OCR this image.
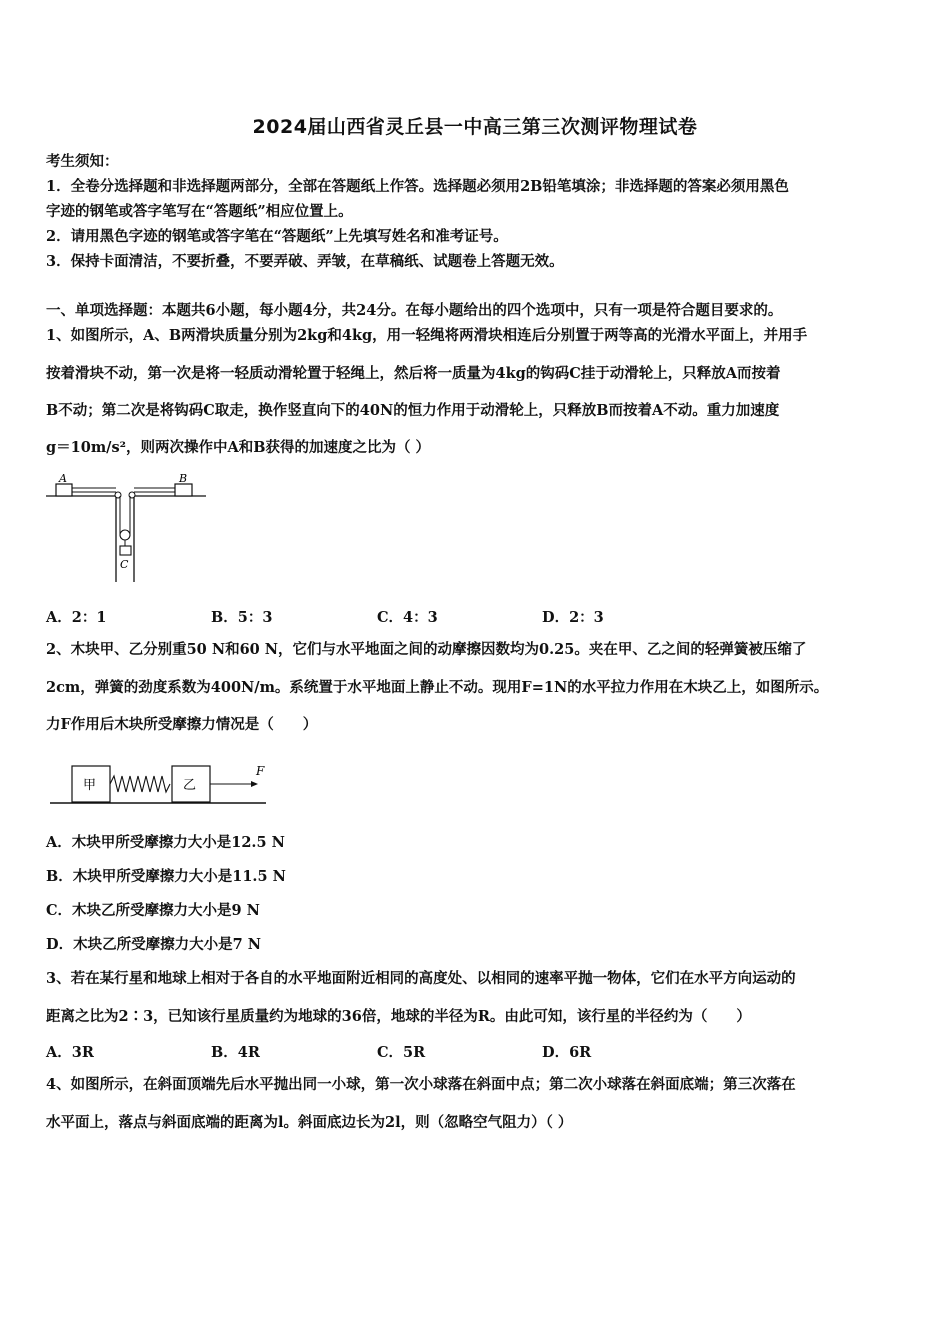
2024届山西省灵丘县一中高三第三次测评物理试卷
考生须知：
1．全卷分选择题和非选择题两部分，全部在答题纸上作答。选择题必须用2B铅笔填涂；非选择题的答案必须用黑色
字迹的钢笔或答字笔写在“答题纸”相应位置上。
2．请用黑色字迹的钢笔或答字笔在“答题纸”上先填写姓名和准考证号。
3．保持卡面清洁，不要折叠，不要弄破、弄皱，在草稿纸、试题卷上答题无效。
一、单项选择题：本题共6小题，每小题4分，共24分。在每小题给出的四个选项中，只有一项是符合题目要求的。
1、如图所示，A、B两滑块质量分别为2kg和4kg，用一轻绳将两滑块相连后分别置于两等高的光滑水平面上，并用手
按着滑块不动，第一次是将一轻质动滑轮置于轻绳上，然后将一质量为4kg的钩码C挂于动滑轮上，只释放A而按着
B不动；第二次是将钩码C取走，换作竖直向下的40N的恒力作用于动滑轮上，只释放B而按着A不动。重力加速度
g＝10m/s²，则两次操作中A和B获得的加速度之比为（ ）
A	B
C
A．2：1	B．5：3	C．4：3	D．2：3
2、木块甲、乙分别重50 N和60 N，它们与水平地面之间的动摩擦因数均为0.25。夹在甲、乙之间的轻弹簧被压缩了
2cm，弹簧的劲度系数为400N/m。系统置于水平地面上静止不动。现用F=1N的水平拉力作用在木块乙上，如图所示。
力F作用后木块所受摩擦力情况是（　　）
甲	乙
F
A．木块甲所受摩擦力大小是12.5 N
B．木块甲所受摩擦力大小是11.5 N
C．木块乙所受摩擦力大小是9 N
D．木块乙所受摩擦力大小是7 N
3、若在某行星和地球上相对于各自的水平地面附近相同的高度处、以相同的速率平抛一物体，它们在水平方向运动的
距离之比为2∶3，已知该行星质量约为地球的36倍，地球的半径为R。由此可知，该行星的半径约为（　　）
A．3R	B．4R	C．5R	D．6R
4、如图所示，在斜面顶端先后水平抛出同一小球，第一次小球落在斜面中点；第二次小球落在斜面底端；第三次落在
水平面上，落点与斜面底端的距离为l。斜面底边长为2l，则（忽略空气阻力）（ ）
